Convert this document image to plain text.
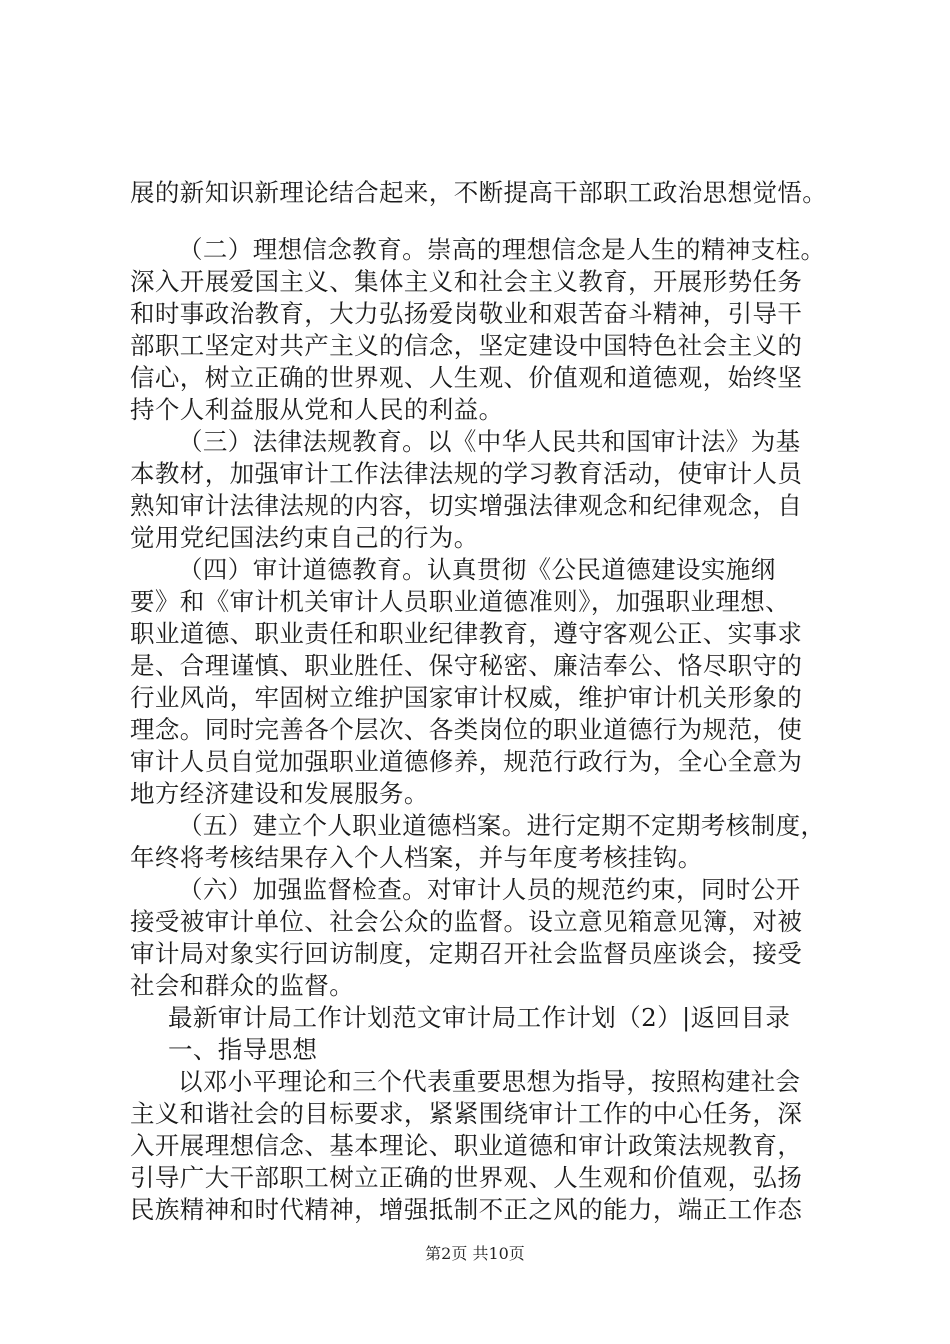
展的新知识新理论结合起来，不断提高干部职工政治思想觉悟。
（二）理想信念教育。崇高的理想信念是人生的精神支柱。
深入开展爱国主义、集体主义和社会主义教育，开展形势任务
和时事政治教育，大力弘扬爱岗敬业和艰苦奋斗精神，引导干
部职工坚定对共产主义的信念，坚定建设中国特色社会主义的
信心，树立正确的世界观、人生观、价值观和道德观，始终坚
持个人利益服从党和人民的利益。
（三）法律法规教育。以《中华人民共和国审计法》为基
本教材，加强审计工作法律法规的学习教育活动，使审计人员
熟知审计法律法规的内容，切实增强法律观念和纪律观念，自
觉用党纪国法约束自己的行为。
（四）审计道德教育。认真贯彻《公民道德建设实施纲
要》和《审计机关审计人员职业道德准则》，加强职业理想、
职业道德、职业责任和职业纪律教育，遵守客观公正、实事求
是、合理谨慎、职业胜任、保守秘密、廉洁奉公、恪尽职守的
行业风尚，牢固树立维护国家审计权威，维护审计机关形象的
理念。同时完善各个层次、各类岗位的职业道德行为规范，使
审计人员自觉加强职业道德修养，规范行政行为，全心全意为
地方经济建设和发展服务。
（五）建立个人职业道德档案。进行定期不定期考核制度，
年终将考核结果存入个人档案，并与年度考核挂钩。
（六）加强监督检查。对审计人员的规范约束，同时公开
接受被审计单位、社会公众的监督。设立意见箱意见簿，对被
审计局对象实行回访制度，定期召开社会监督员座谈会，接受
社会和群众的监督。
最新审计局工作计划范文审计局工作计划（2）|返回目录
一、指导思想
以邓小平理论和三个代表重要思想为指导，按照构建社会
主义和谐社会的目标要求，紧紧围绕审计工作的中心任务，深
入开展理想信念、基本理论、职业道德和审计政策法规教育，
引导广大干部职工树立正确的世界观、人生观和价值观，弘扬
民族精神和时代精神，增强抵制不正之风的能力，端正工作态
第2页 共10页
